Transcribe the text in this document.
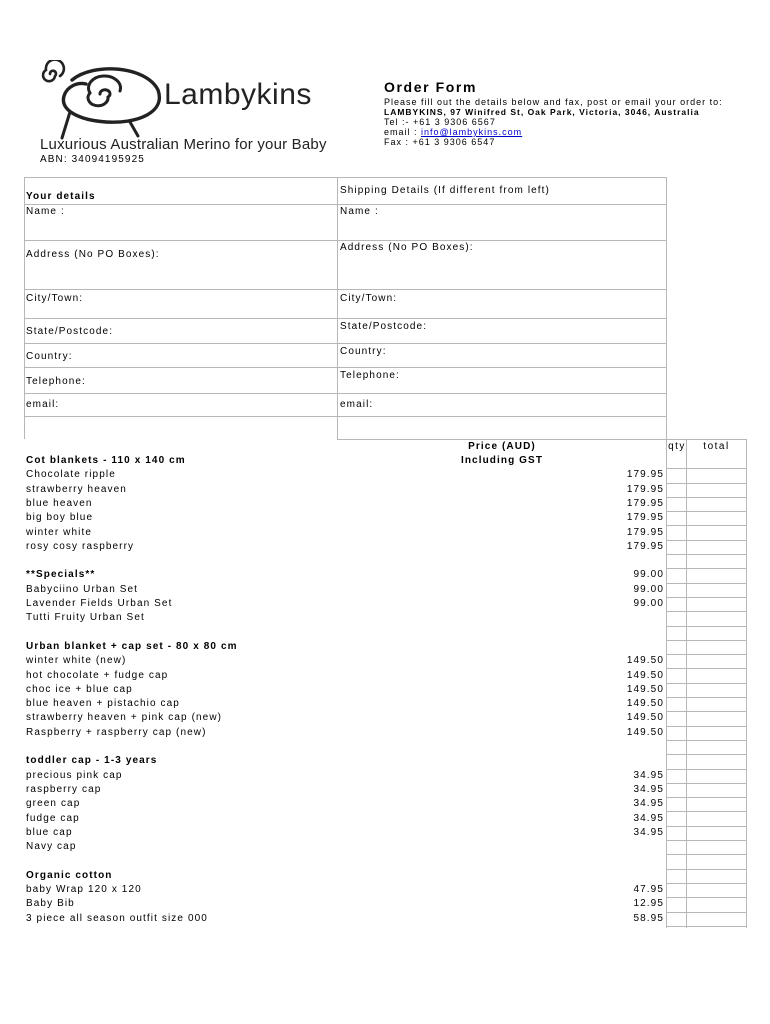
Lambykins
Luxurious Australian Merino for your Baby
ABN: 34094195925
Order Form
Please fill out the details below and fax, post or email your order to:
LAMBYKINS, 97 Winifred St, Oak Park, Victoria, 3046, Australia
Tel :- +61 3 9306 6567
email : info@lambykins.com
Fax : +61 3 9306 6547
Your details
Shipping Details (If different from left)
Name :	Name :
Address (No PO Boxes):
Address (No PO Boxes):
City/Town:	City/Town:
State/Postcode:	State/Postcode:
Country:	Country:
Telephone:
Telephone:
email:	email:
Price (AUD)
Including GST
qty	total
Cot blankets - 110 x 140 cm
Chocolate ripple	179.95
strawberry heaven	179.95
blue heaven	179.95
big boy blue	179.95
winter white	179.95
rosy cosy raspberry	179.95
**Specials**	99.00
Babyciino Urban Set	99.00
Lavender Fields Urban Set	99.00
Tutti Fruity Urban Set
Urban blanket + cap set - 80 x 80 cm
winter white (new)	149.50
hot chocolate + fudge cap	149.50
choc ice + blue cap	149.50
blue heaven + pistachio cap	149.50
strawberry heaven + pink cap (new)	149.50
Raspberry + raspberry cap (new)	149.50
toddler cap - 1-3 years
precious pink cap	34.95
raspberry cap	34.95
green cap	34.95
fudge cap	34.95
blue cap	34.95
Navy cap
Organic cotton
baby Wrap 120 x 120	47.95
Baby Bib	12.95
3 piece all season outfit size 000	58.95
